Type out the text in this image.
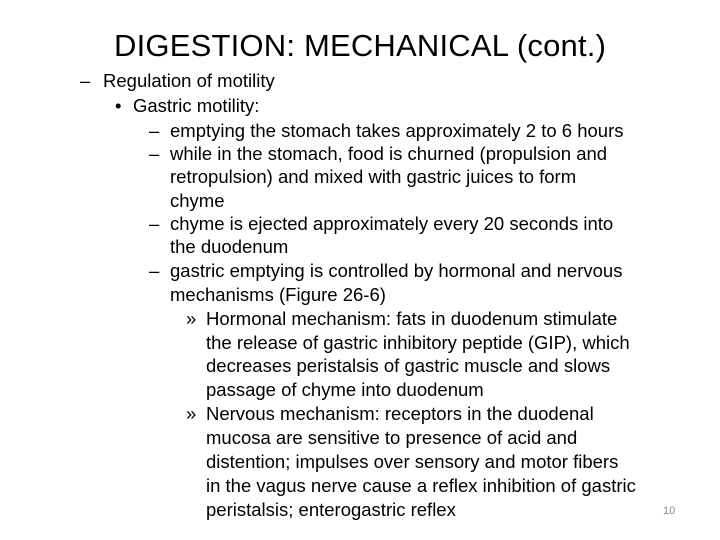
DIGESTION: MECHANICAL (cont.)
– Regulation of motility
• Gastric motility:
– emptying the stomach takes approximately 2 to 6 hours
– while in the stomach, food is churned (propulsion and
retropulsion) and mixed with gastric juices to form
chyme
– chyme is ejected approximately every 20 seconds into
the duodenum
– gastric emptying is controlled by hormonal and nervous
mechanisms (Figure 26-6)
» Hormonal mechanism: fats in duodenum stimulate
the release of gastric inhibitory peptide (GIP), which
decreases peristalsis of gastric muscle and slows
passage of chyme into duodenum
» Nervous mechanism: receptors in the duodenal
mucosa are sensitive to presence of acid and
distention; impulses over sensory and motor fibers
in the vagus nerve cause a reflex inhibition of gastric
peristalsis; enterogastric reflex	10
